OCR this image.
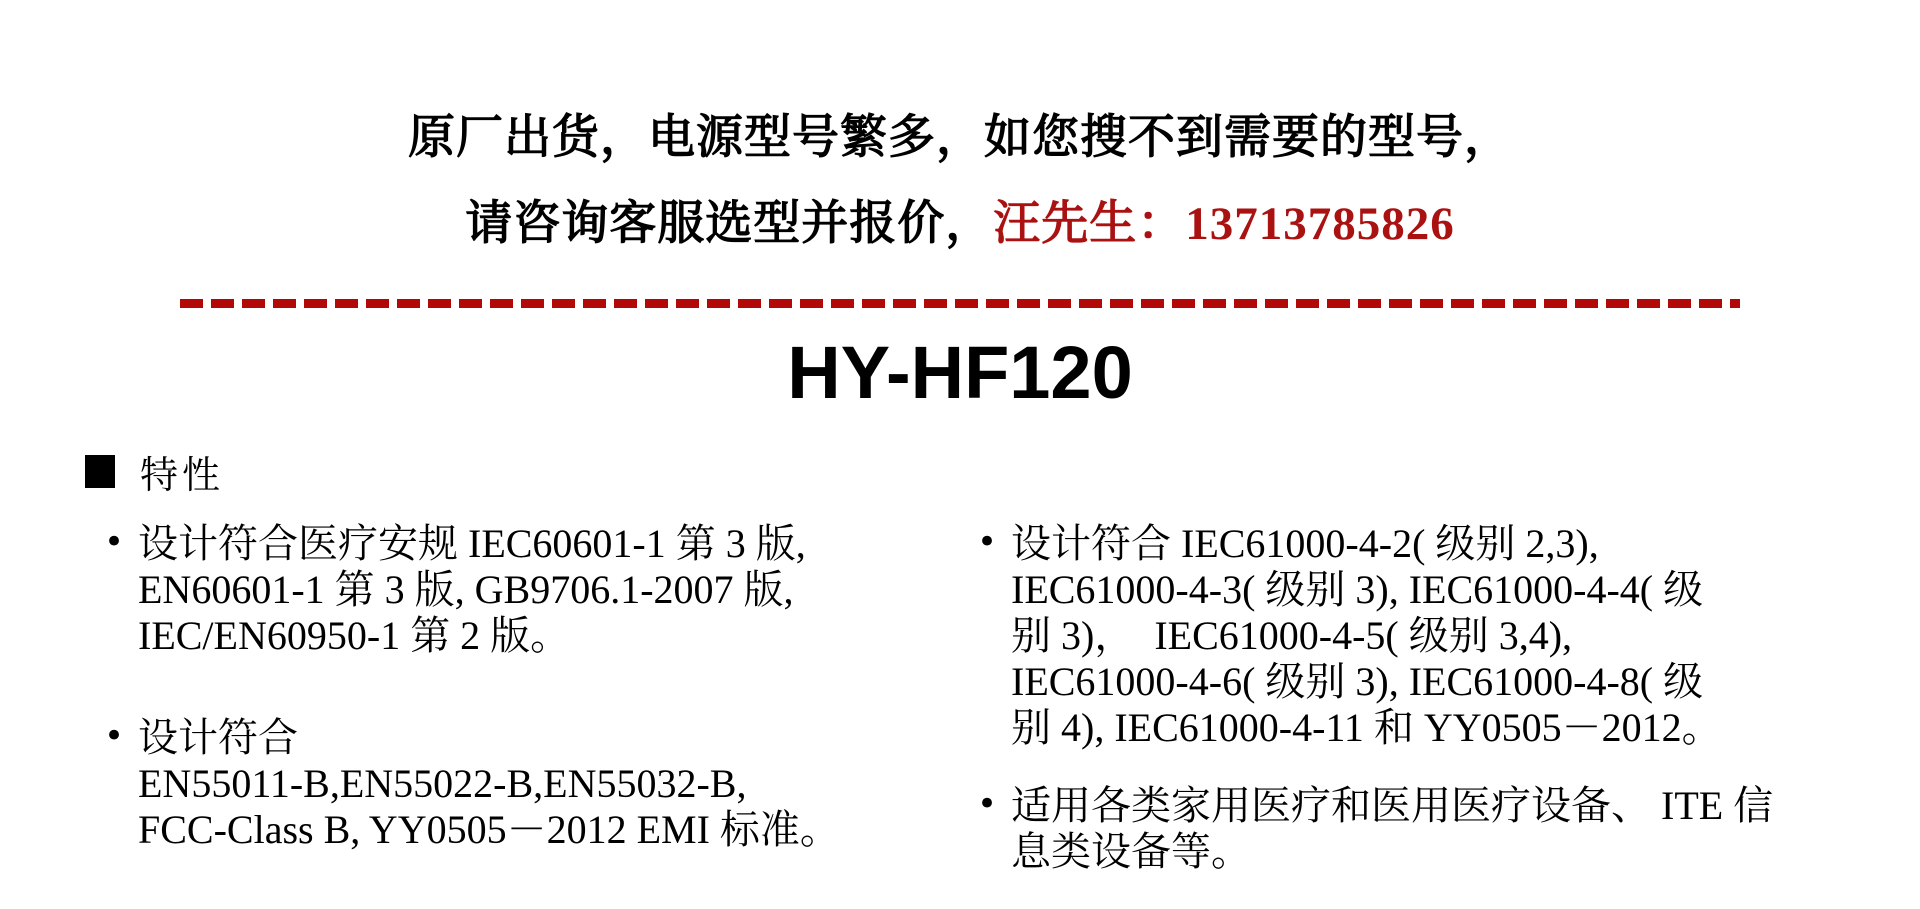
原厂出货，电源型号繁多，如您搜不到需要的型号，
请咨询客服选型并报价，汪先生：13713785826
HY-HF120
特性
• 设计符合医疗安规 IEC60601-1 第 3 版,
EN60601-1 第 3 版, GB9706.1-2007 版,
IEC/EN60950-1 第 2 版。
• 设计符合
EN55011-B,EN55022-B,EN55032-B,
FCC-Class B, YY0505－2012 EMI 标准。
• 设计符合 IEC61000-4-2( 级别 2,3),
IEC61000-4-3( 级别 3), IEC61000-4-4( 级
别 3)，  IEC61000-4-5( 级别 3,4),
IEC61000-4-6( 级别 3), IEC61000-4-8( 级
别 4), IEC61000-4-11 和 YY0505－2012。
• 适用各类家用医疗和医用医疗设备、 ITE 信
息类设备等。
